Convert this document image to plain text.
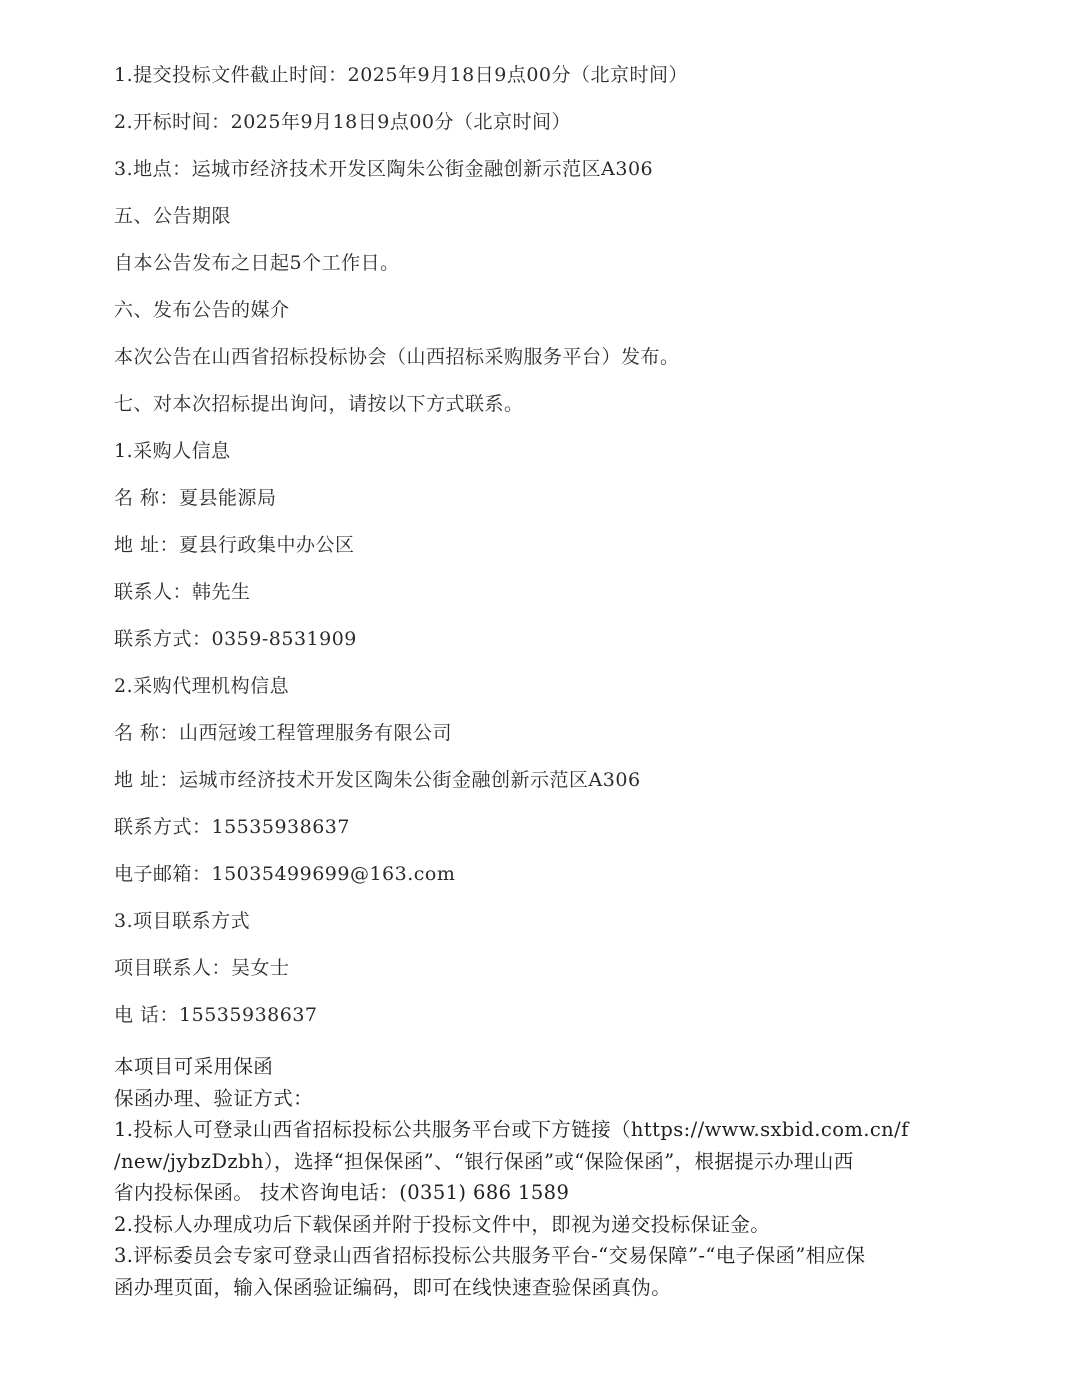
1.提交投标文件截止时间：2025年9月18日9点00分（北京时间）
2.开标时间：2025年9月18日9点00分（北京时间）
3.地点：运城市经济技术开发区陶朱公街金融创新示范区A306
五、公告期限
自本公告发布之日起5个工作日。
六、发布公告的媒介
本次公告在山西省招标投标协会（山西招标采购服务平台）发布。
七、对本次招标提出询问，请按以下方式联系。
1.采购人信息
名 称：夏县能源局
地 址：夏县行政集中办公区
联系人：韩先生
联系方式：0359-8531909
2.采购代理机构信息
名 称：山西冠竣工程管理服务有限公司
地 址：运城市经济技术开发区陶朱公街金融创新示范区A306
联系方式：15535938637
电子邮箱：15035499699@163.com
3.项目联系方式
项目联系人：吴女士
电 话：15535938637
本项目可采用保函
保函办理、验证方式：
1.投标人可登录山西省招标投标公共服务平台或下方链接（https://www.sxbid.com.cn/f
/new/jybzDzbh），选择“担保保函”、“银行保函”或“保险保函”，根据提示办理山西
省内投标保函。 技术咨询电话：(0351) 686 1589
2.投标人办理成功后下载保函并附于投标文件中，即视为递交投标保证金。
3.评标委员会专家可登录山西省招标投标公共服务平台-“交易保障”-“电子保函”相应保
函办理页面，输入保函验证编码，即可在线快速查验保函真伪。
